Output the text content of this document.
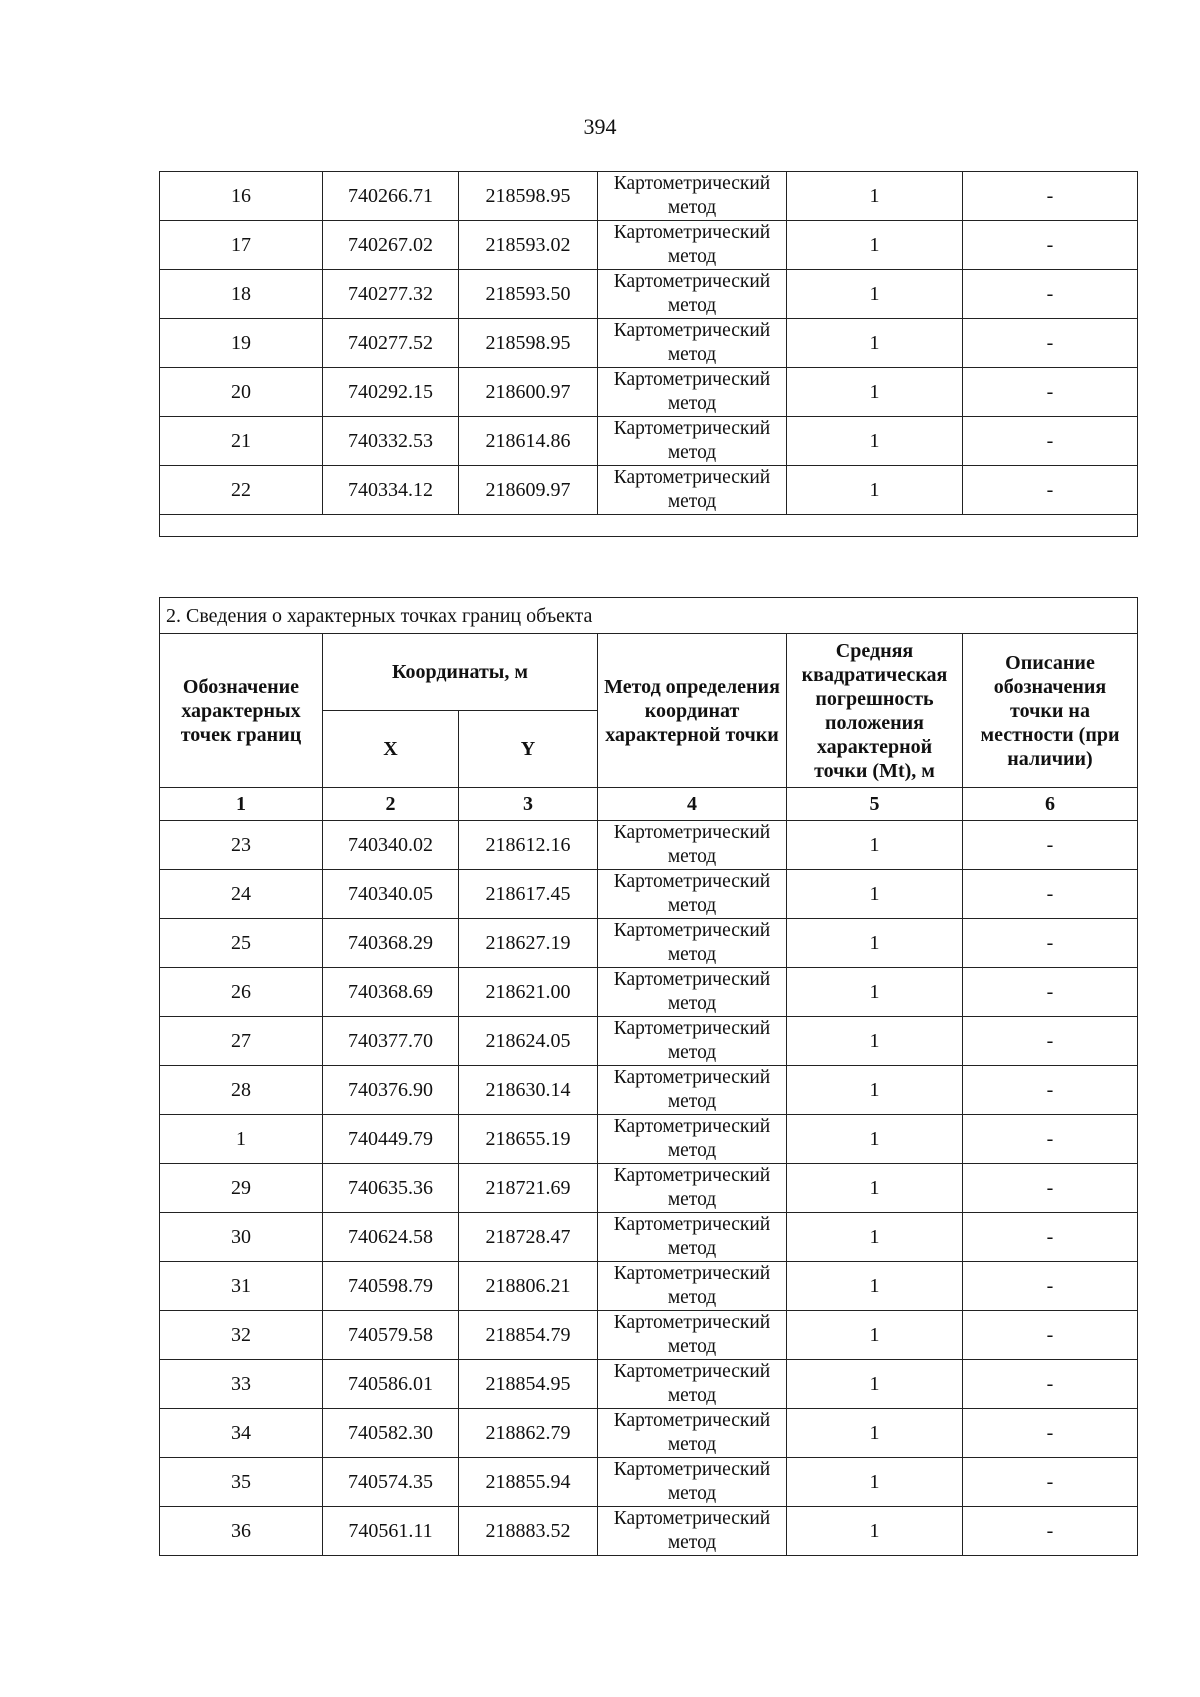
394
16	740266.71	218598.95	Картометрический метод	1	-
17	740267.02	218593.02	Картометрический метод	1	-
18	740277.32	218593.50	Картометрический метод	1	-
19	740277.52	218598.95	Картометрический метод	1	-
20	740292.15	218600.97	Картометрический метод	1	-
21	740332.53	218614.86	Картометрический метод	1	-
22	740334.12	218609.97	Картометрический метод	1	-

2. Сведения о характерных точках границ объекта					
Обозначение характерных точек границ	Координаты, м		Метод определения координат характерной точки	Средняя квадратическая погрешность положения характерной точки (Mt), м	Описание обозначения точки на местности (при наличии)
	X	Y			
1	2	3	4	5	6
23	740340.02	218612.16	Картометрический метод	1	-
24	740340.05	218617.45	Картометрический метод	1	-
25	740368.29	218627.19	Картометрический метод	1	-
26	740368.69	218621.00	Картометрический метод	1	-
27	740377.70	218624.05	Картометрический метод	1	-
28	740376.90	218630.14	Картометрический метод	1	-
1	740449.79	218655.19	Картометрический метод	1	-
29	740635.36	218721.69	Картометрический метод	1	-
30	740624.58	218728.47	Картометрический метод	1	-
31	740598.79	218806.21	Картометрический метод	1	-
32	740579.58	218854.79	Картометрический метод	1	-
33	740586.01	218854.95	Картометрический метод	1	-
34	740582.30	218862.79	Картометрический метод	1	-
35	740574.35	218855.94	Картометрический метод	1	-
36	740561.11	218883.52	Картометрический метод	1	-
